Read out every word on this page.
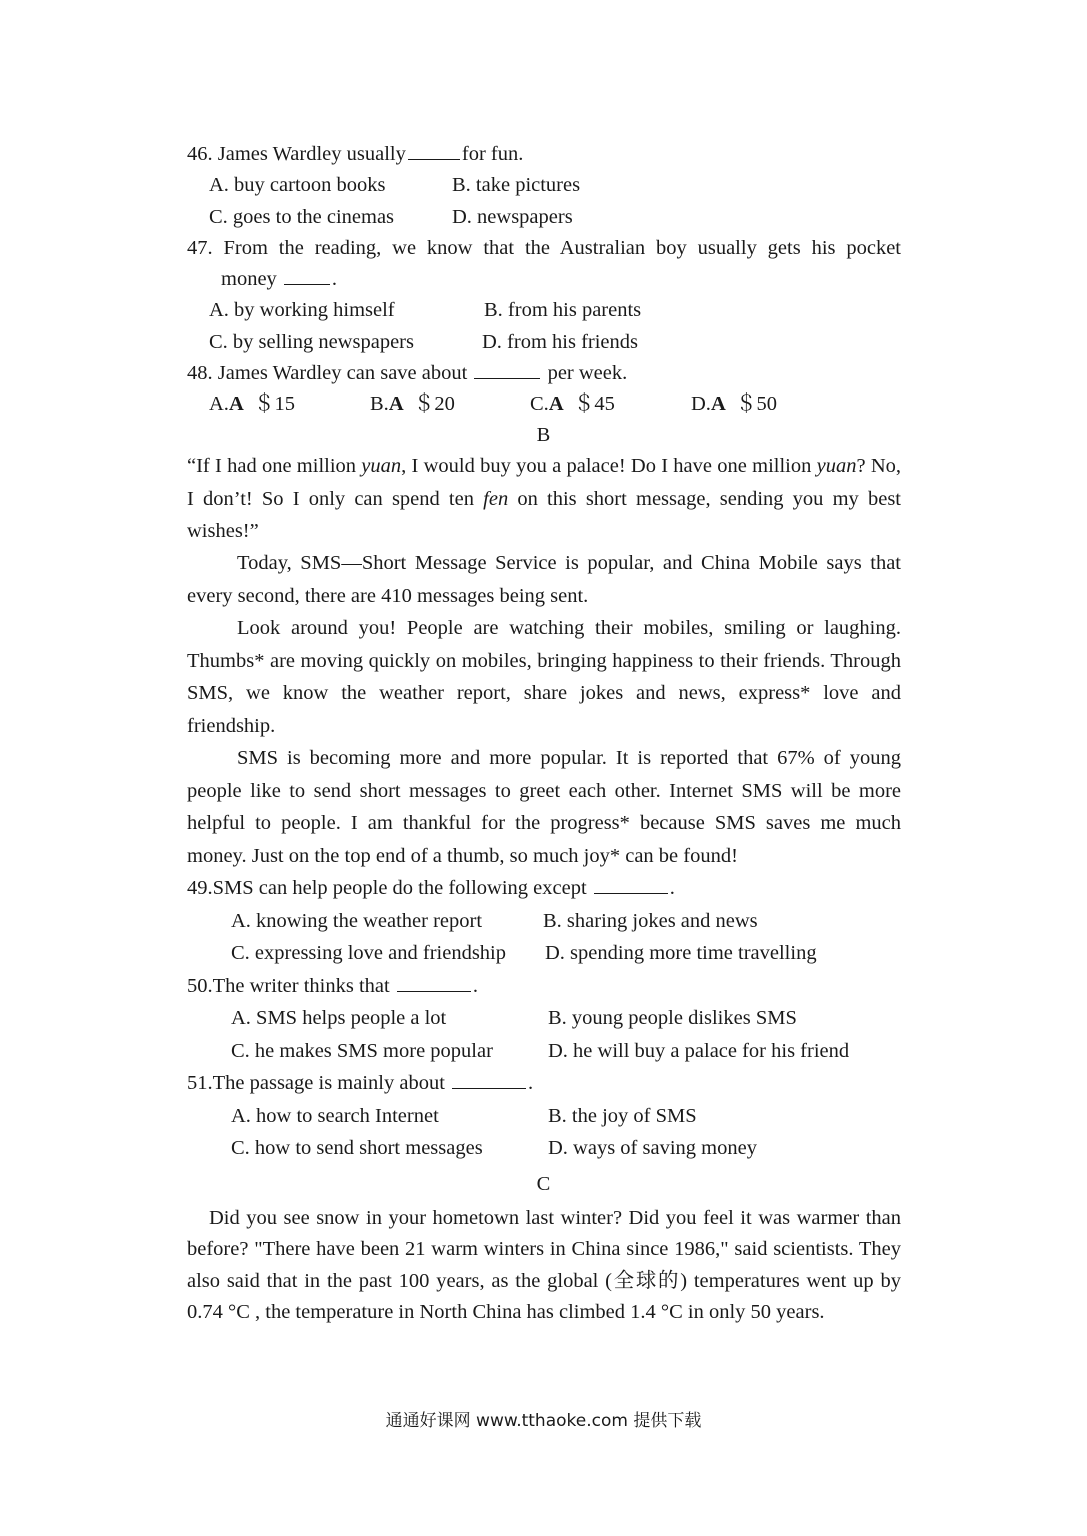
46. James Wardley usually	for fun.
A. buy cartoon books	B. take pictures
C. goes to the cinemas	D. newspapers
47. From the reading, we know that the Australian boy usually gets his pocket
money	.
A. by working himself	B. from his parents
C. by selling newspapers	D. from his friends
48. James Wardley can save about	per week.
A.A ＄15	B.A ＄20	C.A ＄45	D.A ＄50
B
“If I had one million yuan, I would buy you a palace! Do I have one million yuan? No, I don’t! So I only can spend ten fen on this short message, sending you my best wishes!”
Today, SMS—Short Message Service is popular, and China Mobile says that every second, there are 410 messages being sent.
Look around you! People are watching their mobiles, smiling or laughing. Thumbs* are moving quickly on mobiles, bringing happiness to their friends. Through SMS, we know the weather report, share jokes and news, express* love and friendship.
SMS is becoming more and more popular. It is reported that 67% of young people like to send short messages to greet each other. Internet SMS will be more helpful to people. I am thankful for the progress* because SMS saves me much money. Just on the top end of a thumb, so much joy* can be found!
49.SMS can help people do the following except	.
A. knowing the weather report	B. sharing jokes and news
C. expressing love and friendship D. spending more time travelling
50.The writer thinks that	.
A. SMS helps people a lot	B. young people dislikes SMS
C. he makes SMS more popular	D. he will buy a palace for his friend
51.The passage is mainly about	.
A. how to search Internet	B. the joy of SMS
C. how to send short messages	D. ways of saving money
C
Did you see snow in your hometown last winter? Did you feel it was warmer than before? "There have been 21 warm winters in China since 1986," said scientists. They also said that in the past 100 years, as the global (全球的) temperatures went up by 0.74 °C , the temperature in North China has climbed 1.4 °C in only 50 years.
通通好课网 www.tthaoke.com 提供下载
